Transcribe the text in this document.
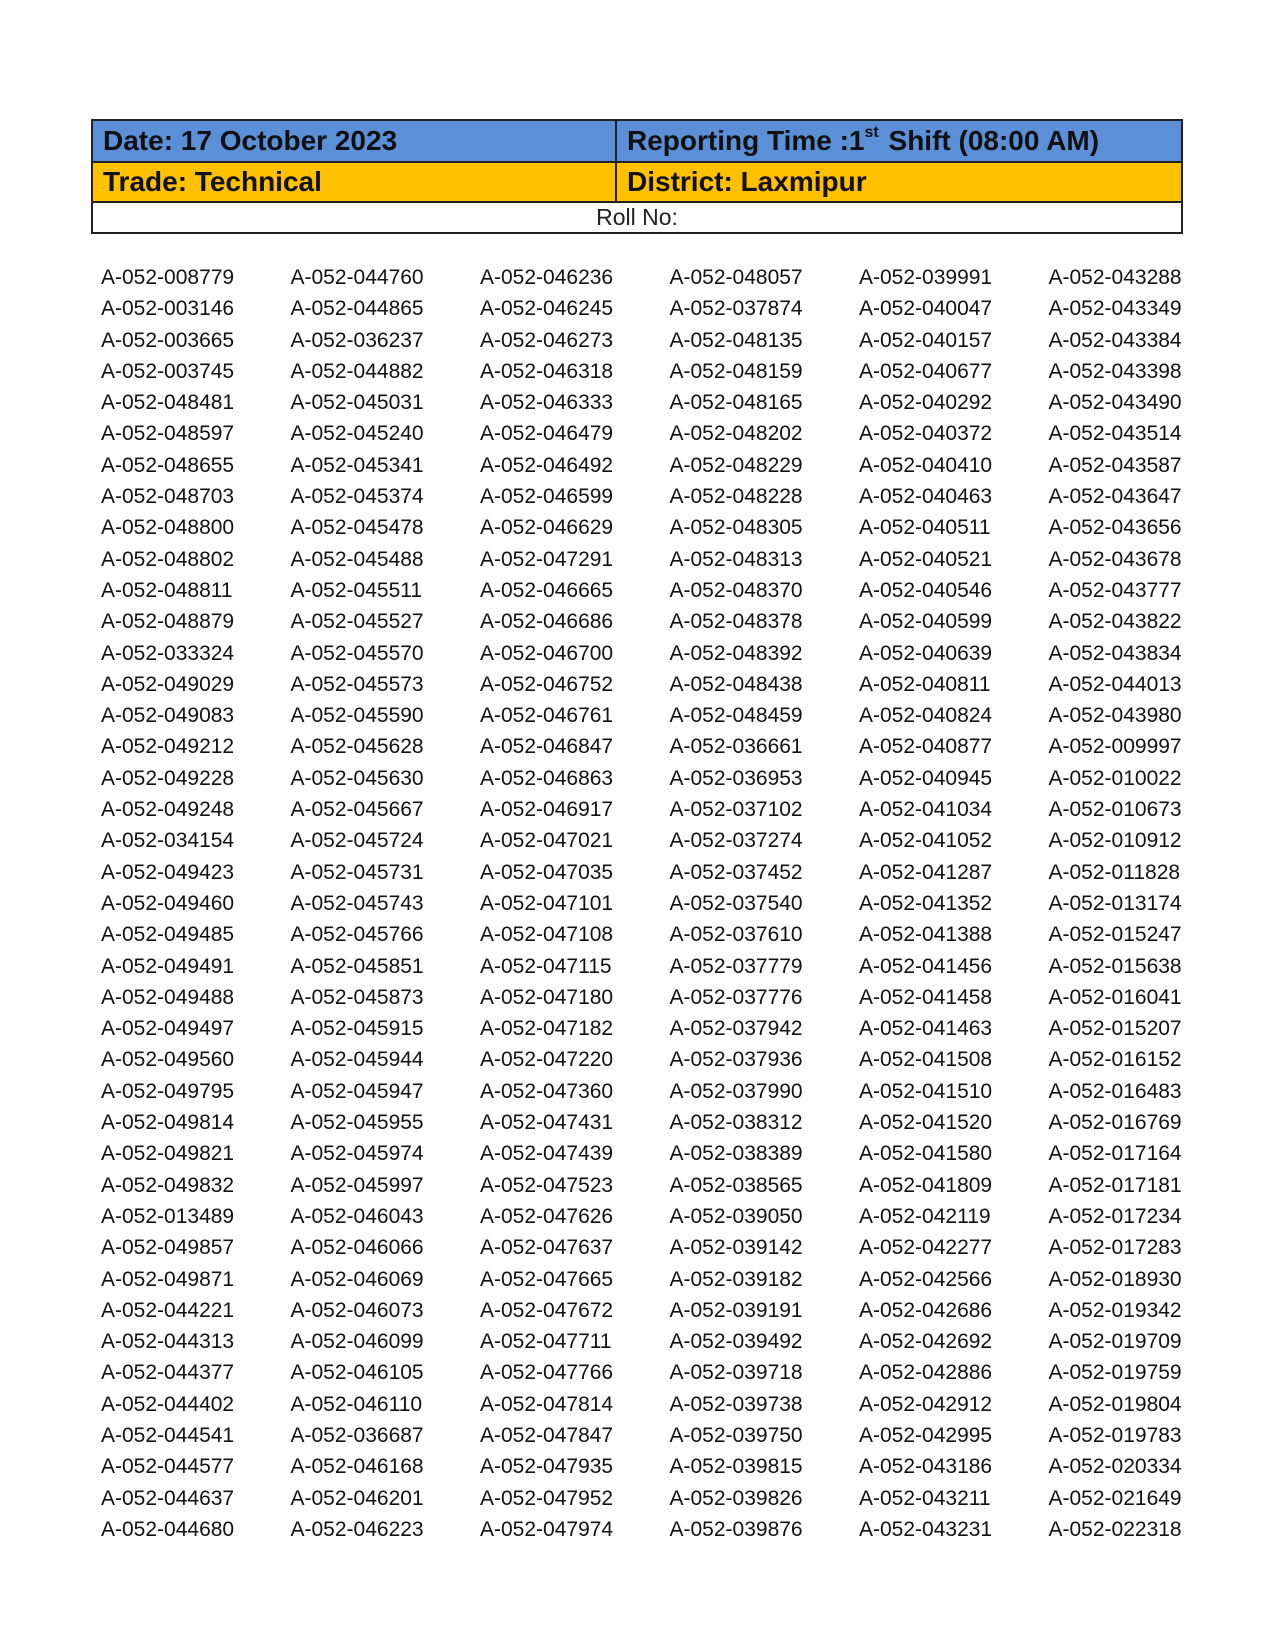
Date: 17 October 2023	Reporting Time :1st Shift (08:00 AM)
Trade: Technical	District: Laxmipur
Roll No:
A-052-008779	A-052-044760	A-052-046236	A-052-048057	A-052-039991	A-052-043288
A-052-003146	A-052-044865	A-052-046245	A-052-037874	A-052-040047	A-052-043349
A-052-003665	A-052-036237	A-052-046273	A-052-048135	A-052-040157	A-052-043384
A-052-003745	A-052-044882	A-052-046318	A-052-048159	A-052-040677	A-052-043398
A-052-048481	A-052-045031	A-052-046333	A-052-048165	A-052-040292	A-052-043490
A-052-048597	A-052-045240	A-052-046479	A-052-048202	A-052-040372	A-052-043514
A-052-048655	A-052-045341	A-052-046492	A-052-048229	A-052-040410	A-052-043587
A-052-048703	A-052-045374	A-052-046599	A-052-048228	A-052-040463	A-052-043647
A-052-048800	A-052-045478	A-052-046629	A-052-048305	A-052-040511	A-052-043656
A-052-048802	A-052-045488	A-052-047291	A-052-048313	A-052-040521	A-052-043678
A-052-048811	A-052-045511	A-052-046665	A-052-048370	A-052-040546	A-052-043777
A-052-048879	A-052-045527	A-052-046686	A-052-048378	A-052-040599	A-052-043822
A-052-033324	A-052-045570	A-052-046700	A-052-048392	A-052-040639	A-052-043834
A-052-049029	A-052-045573	A-052-046752	A-052-048438	A-052-040811	A-052-044013
A-052-049083	A-052-045590	A-052-046761	A-052-048459	A-052-040824	A-052-043980
A-052-049212	A-052-045628	A-052-046847	A-052-036661	A-052-040877	A-052-009997
A-052-049228	A-052-045630	A-052-046863	A-052-036953	A-052-040945	A-052-010022
A-052-049248	A-052-045667	A-052-046917	A-052-037102	A-052-041034	A-052-010673
A-052-034154	A-052-045724	A-052-047021	A-052-037274	A-052-041052	A-052-010912
A-052-049423	A-052-045731	A-052-047035	A-052-037452	A-052-041287	A-052-011828
A-052-049460	A-052-045743	A-052-047101	A-052-037540	A-052-041352	A-052-013174
A-052-049485	A-052-045766	A-052-047108	A-052-037610	A-052-041388	A-052-015247
A-052-049491	A-052-045851	A-052-047115	A-052-037779	A-052-041456	A-052-015638
A-052-049488	A-052-045873	A-052-047180	A-052-037776	A-052-041458	A-052-016041
A-052-049497	A-052-045915	A-052-047182	A-052-037942	A-052-041463	A-052-015207
A-052-049560	A-052-045944	A-052-047220	A-052-037936	A-052-041508	A-052-016152
A-052-049795	A-052-045947	A-052-047360	A-052-037990	A-052-041510	A-052-016483
A-052-049814	A-052-045955	A-052-047431	A-052-038312	A-052-041520	A-052-016769
A-052-049821	A-052-045974	A-052-047439	A-052-038389	A-052-041580	A-052-017164
A-052-049832	A-052-045997	A-052-047523	A-052-038565	A-052-041809	A-052-017181
A-052-013489	A-052-046043	A-052-047626	A-052-039050	A-052-042119	A-052-017234
A-052-049857	A-052-046066	A-052-047637	A-052-039142	A-052-042277	A-052-017283
A-052-049871	A-052-046069	A-052-047665	A-052-039182	A-052-042566	A-052-018930
A-052-044221	A-052-046073	A-052-047672	A-052-039191	A-052-042686	A-052-019342
A-052-044313	A-052-046099	A-052-047711	A-052-039492	A-052-042692	A-052-019709
A-052-044377	A-052-046105	A-052-047766	A-052-039718	A-052-042886	A-052-019759
A-052-044402	A-052-046110	A-052-047814	A-052-039738	A-052-042912	A-052-019804
A-052-044541	A-052-036687	A-052-047847	A-052-039750	A-052-042995	A-052-019783
A-052-044577	A-052-046168	A-052-047935	A-052-039815	A-052-043186	A-052-020334
A-052-044637	A-052-046201	A-052-047952	A-052-039826	A-052-043211	A-052-021649
A-052-044680	A-052-046223	A-052-047974	A-052-039876	A-052-043231	A-052-022318
